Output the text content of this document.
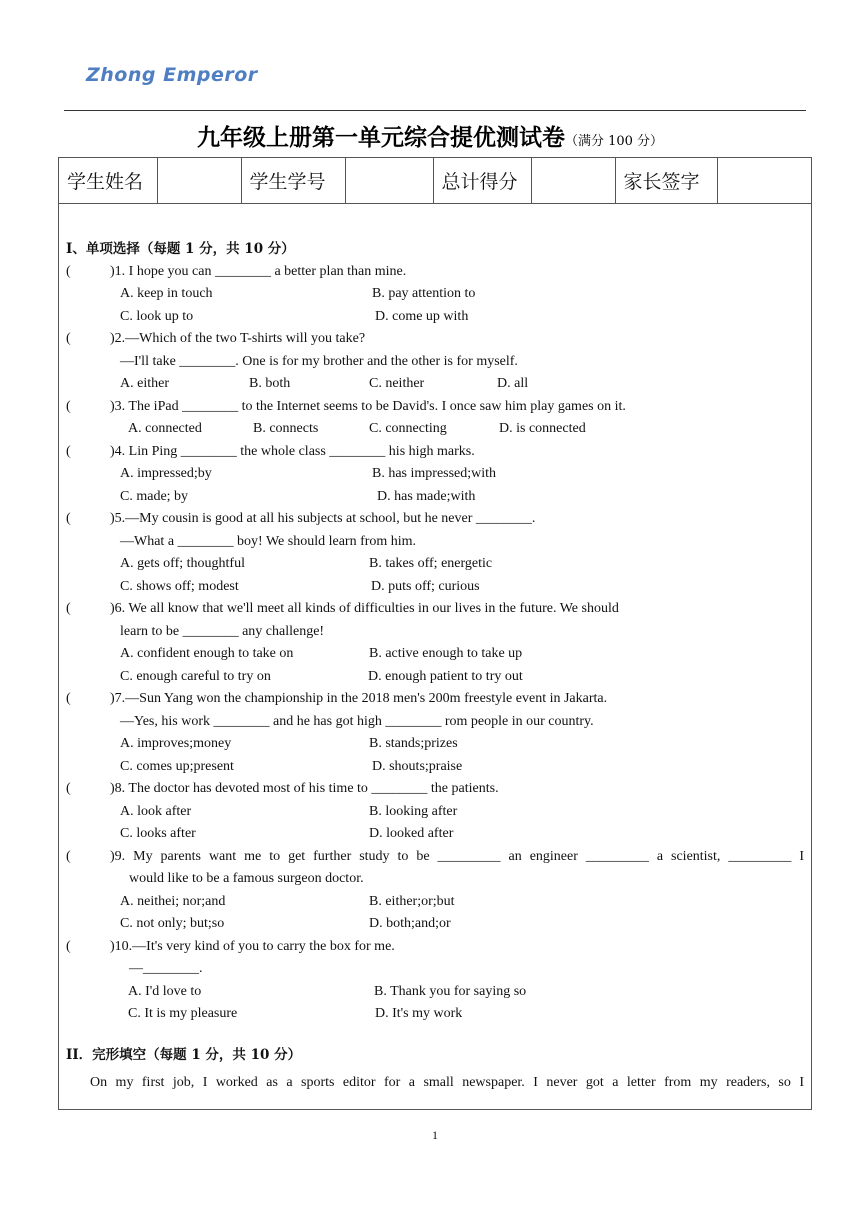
Zhong Emperor
九年级上册第一单元综合提优测试卷（满分 100 分）
学生姓名		学生学号		总计得分		家长签字	
I、单项选择（每题 1 分，共 10 分）
(	)1. I hope you can ________ a better plan than mine.
A. keep in touch	B. pay attention to
C. look up to	D. come up with
(	)2.—Which of the two T-shirts will you take?
—I'll take ________. One is for my brother and the other is for myself.
A. either	B. both	C. neither	D. all
(	)3. The iPad ________ to the Internet seems to be David's. I once saw him play games on it.
A. connected	B. connects	C. connecting	D. is connected
(	)4. Lin Ping ________ the whole class ________ his high marks.
A. impressed;by	B. has impressed;with
C. made; by	D. has made;with
(	)5.—My cousin is good at all his subjects at school, but he never ________.
—What a ________ boy! We should learn from him.
A. gets off; thoughtful	B. takes off; energetic
C. shows off; modest	D. puts off; curious
(	)6. We all know that we'll meet all kinds of difficulties in our lives in the future. We should
learn to be ________ any challenge!
A. confident enough to take on	B. active enough to take up
C. enough careful to try on	D. enough patient to try out
(	)7.—Sun Yang won the championship in the 2018 men's 200m freestyle event in Jakarta.
—Yes, his work ________ and he has got high ________ rom people in our country.
A. improves;money	B. stands;prizes
C. comes up;present	D. shouts;praise
(	)8. The doctor has devoted most of his time to ________ the patients.
A. look after	B. looking after
C. looks after	D. looked after
(	)9. My parents want me to get further study to be _________ an engineer _________ a scientist, _________ I
would like to be a famous surgeon doctor.
A. neithei; nor;and	B. either;or;but
C. not only; but;so	D. both;and;or
(	)10.—It's very kind of you to carry the box for me.
—________.
A. I'd love to	B. Thank you for saying so
C. It is my pleasure	D. It's my work
II．完形填空（每题 1 分，共 10 分）
On my first job, I worked as a sports editor for a small newspaper. I never got a letter from my readers, so I
1
